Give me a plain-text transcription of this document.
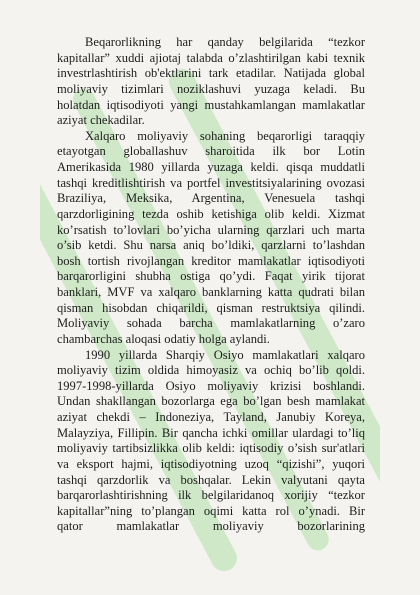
Beqarorlikning har qanday belgilarida “tezkor
kapitallar” xuddi ajiotaj talabda o’zlashtirilgan kabi texnik
investrlashtirish ob'ektlarini tark etadilar. Natijada global
moliyaviy tizimlari noziklashuvi yuzaga keladi. Bu
holatdan iqtisodiyoti yangi mustahkamlangan mamlakatlar
aziyat chekadilar.

Xalqaro moliyaviy sohaning beqarorligi taraqqiy
etayotgan globallashuv sharoitida ilk bor Lotin
Amerikasida 1980 yillarda yuzaga keldi. qisqa muddatli
tashqi kreditlishtirish va portfel investitsiyalarining ovozasi
Braziliya, Meksika, Argentina, Venesuela tashqi
qarzdorligining tezda oshib ketishiga olib keldi. Xizmat
ko’rsatish to’lovlari bo’yicha ularning qarzlari uch marta
o’sib ketdi. Shu narsa aniq bo’ldiki, qarzlarni to’lashdan
bosh tortish rivojlangan kreditor mamlakatlar iqtisodiyoti
barqarorligini shubha ostiga qo’ydi. Faqat yirik tijorat
banklari, MVF va xalqaro banklarning katta qudrati bilan
qisman hisobdan chiqarildi, qisman restruktsiya qilindi.
Moliyaviy sohada barcha mamlakatlarning o’zaro
chambarchas aloqasi odatiy holga aylandi.

1990 yillarda Sharqiy Osiyo mamlakatlari xalqaro
moliyaviy tizim oldida himoyasiz va ochiq bo’lib qoldi.
1997-1998-yillarda Osiyo moliyaviy krizisi boshlandi.
Undan shakllangan bozorlarga ega bo’lgan besh mamlakat
aziyat chekdi – Indoneziya, Tayland, Janubiy Koreya,
Malayziya, Fillipin. Bir qancha ichki omillar ulardagi to’liq
moliyaviy tartibsizlikka olib keldi: iqtisodiy o’sish sur'atlari
va eksport hajmi, iqtisodiyotning uzoq “qizishi”, yuqori
tashqi qarzdorlik va boshqalar. Lekin valyutani qayta
barqarorlashtirishning ilk belgilaridanoq xorijiy “tezkor
kapitallar”ning to’plangan oqimi katta rol o’ynadi. Bir
qator mamlakatlar moliyaviy bozorlarining
